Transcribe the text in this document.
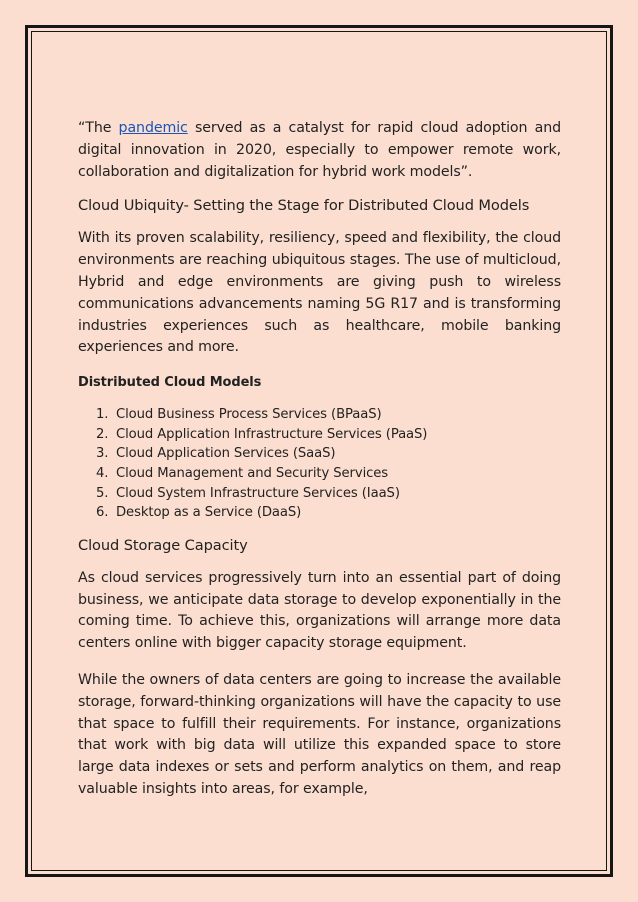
“The pandemic served as a catalyst for rapid cloud adoption and digital innovation in 2020, especially to empower remote work, collaboration and digitalization for hybrid work models”.

Cloud Ubiquity- Setting the Stage for Distributed Cloud Models

With its proven scalability, resiliency, speed and flexibility, the cloud environments are reaching ubiquitous stages. The use of multicloud, Hybrid and edge environments are giving push to wireless communications advancements naming 5G R17 and is transforming industries experiences such as healthcare, mobile banking experiences and more.

Distributed Cloud Models
1. Cloud Business Process Services (BPaaS)
2. Cloud Application Infrastructure Services (PaaS)
3. Cloud Application Services (SaaS)
4. Cloud Management and Security Services
5. Cloud System Infrastructure Services (IaaS)
6. Desktop as a Service (DaaS)
Cloud Storage Capacity

As cloud services progressively turn into an essential part of doing business, we anticipate data storage to develop exponentially in the coming time. To achieve this, organizations will arrange more data centers online with bigger capacity storage equipment.

While the owners of data centers are going to increase the available storage, forward-thinking organizations will have the capacity to use that space to fulfill their requirements. For instance, organizations that work with big data will utilize this expanded space to store large data indexes or sets and perform analytics on them, and reap valuable insights into areas, for example,
